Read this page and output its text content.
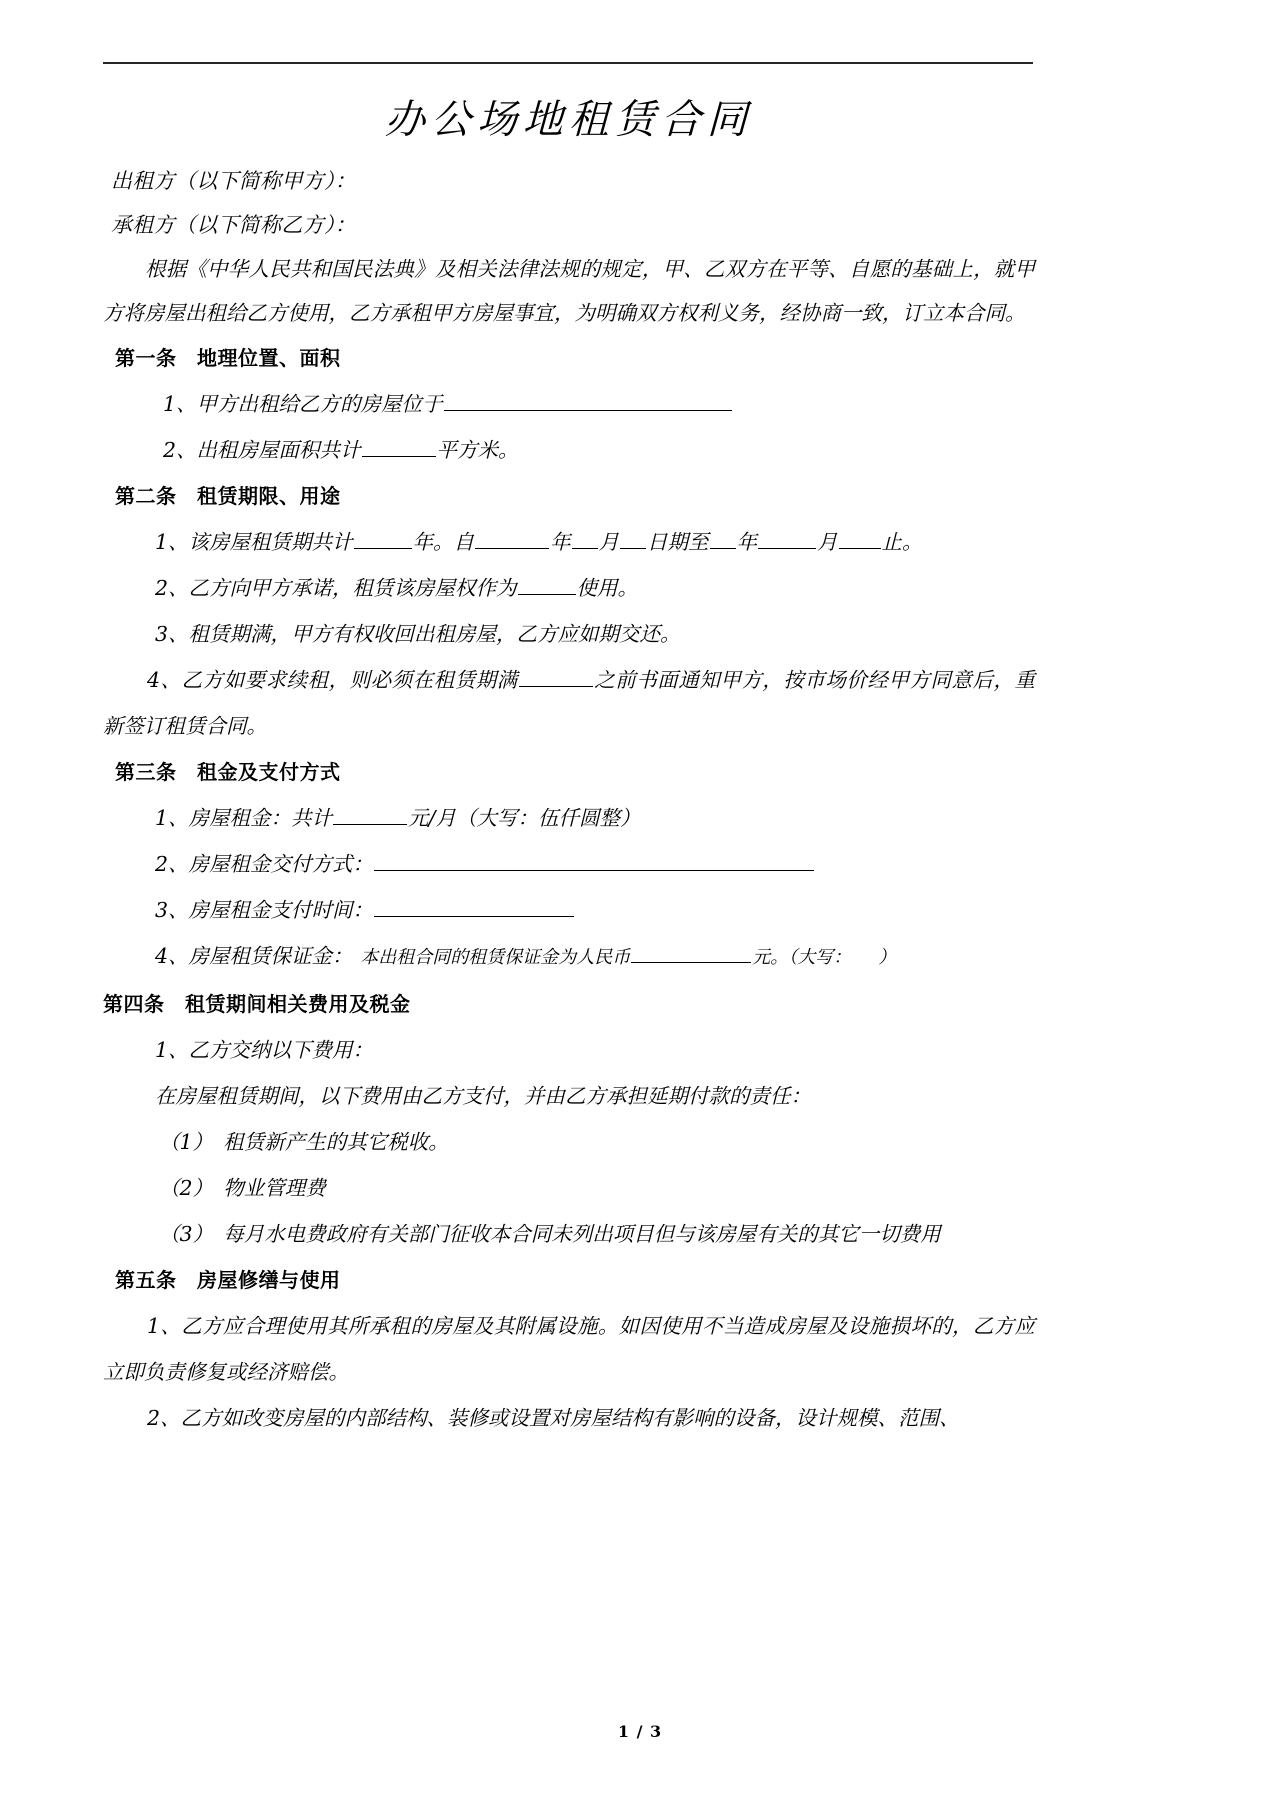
办公场地租赁合同

出租方（以下简称甲方）：

承租方（以下简称乙方）：

根据《中华人民共和国民法典》及相关法律法规的规定，甲、乙双方在平等、自愿的基础上，就甲方将房屋出租给乙方使用，乙方承租甲方房屋事宜，为明确双方权利义务，经协商一致，订立本合同。

第一条　地理位置、面积

1、甲方出租给乙方的房屋位于

2、出租房屋面积共计	平方米。

第二条　租赁期限、用途

1、该房屋租赁期共计	年。自	年 月 日期至 年	月 止。

2、乙方向甲方承诺，租赁该房屋权作为	使用。

3、租赁期满，甲方有权收回出租房屋，乙方应如期交还。

4、乙方如要求续租，则必须在租赁期满	之前书面通知甲方，按市场价经甲方同意后，重新签订租赁合同。

第三条　租金及支付方式

1、房屋租金：共计	元/月（大写：伍仟圆整）

2、房屋租金交付方式：

3、房屋租金支付时间：

4、房屋租赁保证金：　本出租合同的租赁保证金为人民币	元。（大写：　　）

第四条　租赁期间相关费用及税金

1、乙方交纳以下费用：

在房屋租赁期间，以下费用由乙方支付，并由乙方承担延期付款的责任：

（1）　租赁新产生的其它税收。

（2）　物业管理费

（3）　每月水电费政府有关部门征收本合同未列出项目但与该房屋有关的其它一切费用

第五条　房屋修缮与使用

1、乙方应合理使用其所承租的房屋及其附属设施。如因使用不当造成房屋及设施损坏的，乙方应立即负责修复或经济赔偿。

2、乙方如改变房屋的内部结构、装修或设置对房屋结构有影响的设备，设计规模、范围、

1 / 3
